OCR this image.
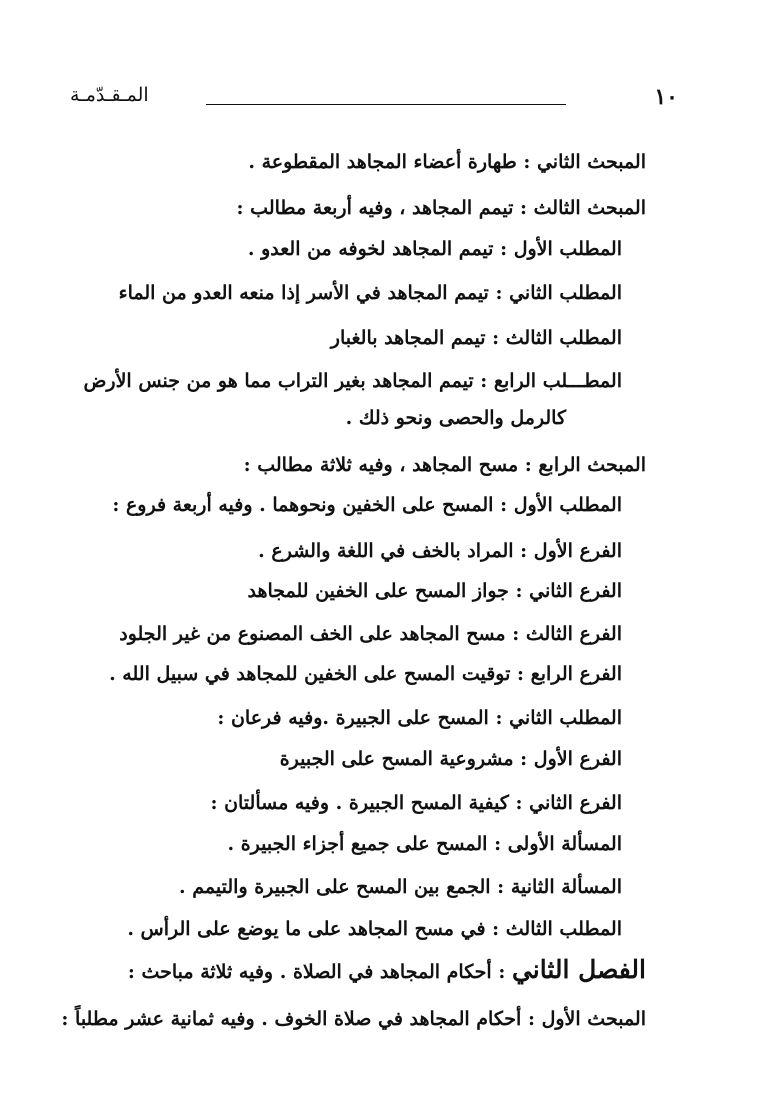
١٠
المـقـدّمـة
المبحث الثاني : طهارة أعضاء المجاهد المقطوعة .
المبحث الثالث : تيمم المجاهد ، وفيه أربعة مطالب :
المطلب الأول : تيمم المجاهد لخوفه من العدو .
المطلب الثاني : تيمم المجاهد في الأسر إذا منعه العدو من الماء
المطلب الثالث : تيمم المجاهد بالغبار
المطـــلب الرابع : تيمم المجاهد بغير التراب مما هو من جنس الأرض
كالرمل والحصى ونحو ذلك .
المبحث الرابع : مسح المجاهد ، وفيه ثلاثة مطالب :
المطلب الأول : المسح على الخفين ونحوهما . وفيه أربعة فروع :
الفرع الأول : المراد بالخف في اللغة والشرع .
الفرع الثاني : جواز المسح على الخفين للمجاهد
الفرع الثالث : مسح المجاهد على الخف المصنوع من غير الجلود
الفرع الرابع : توقيت المسح على الخفين للمجاهد في سبيل الله .
المطلب الثاني : المسح على الجبيرة .وفيه فرعان :
الفرع الأول : مشروعية المسح على الجبيرة
الفرع الثاني : كيفية المسح الجبيرة . وفيه مسألتان :
المسألة الأولى : المسح على جميع أجزاء الجبيرة .
المسألة الثانية : الجمع بين المسح على الجبيرة والتيمم .
المطلب الثالث : في مسح المجاهد على ما يوضع على الرأس .
الفصل الثاني : أحكام المجاهد في الصلاة . وفيه ثلاثة مباحث :
المبحث الأول : أحكام المجاهد في صلاة الخوف . وفيه ثمانية عشر مطلباً :
